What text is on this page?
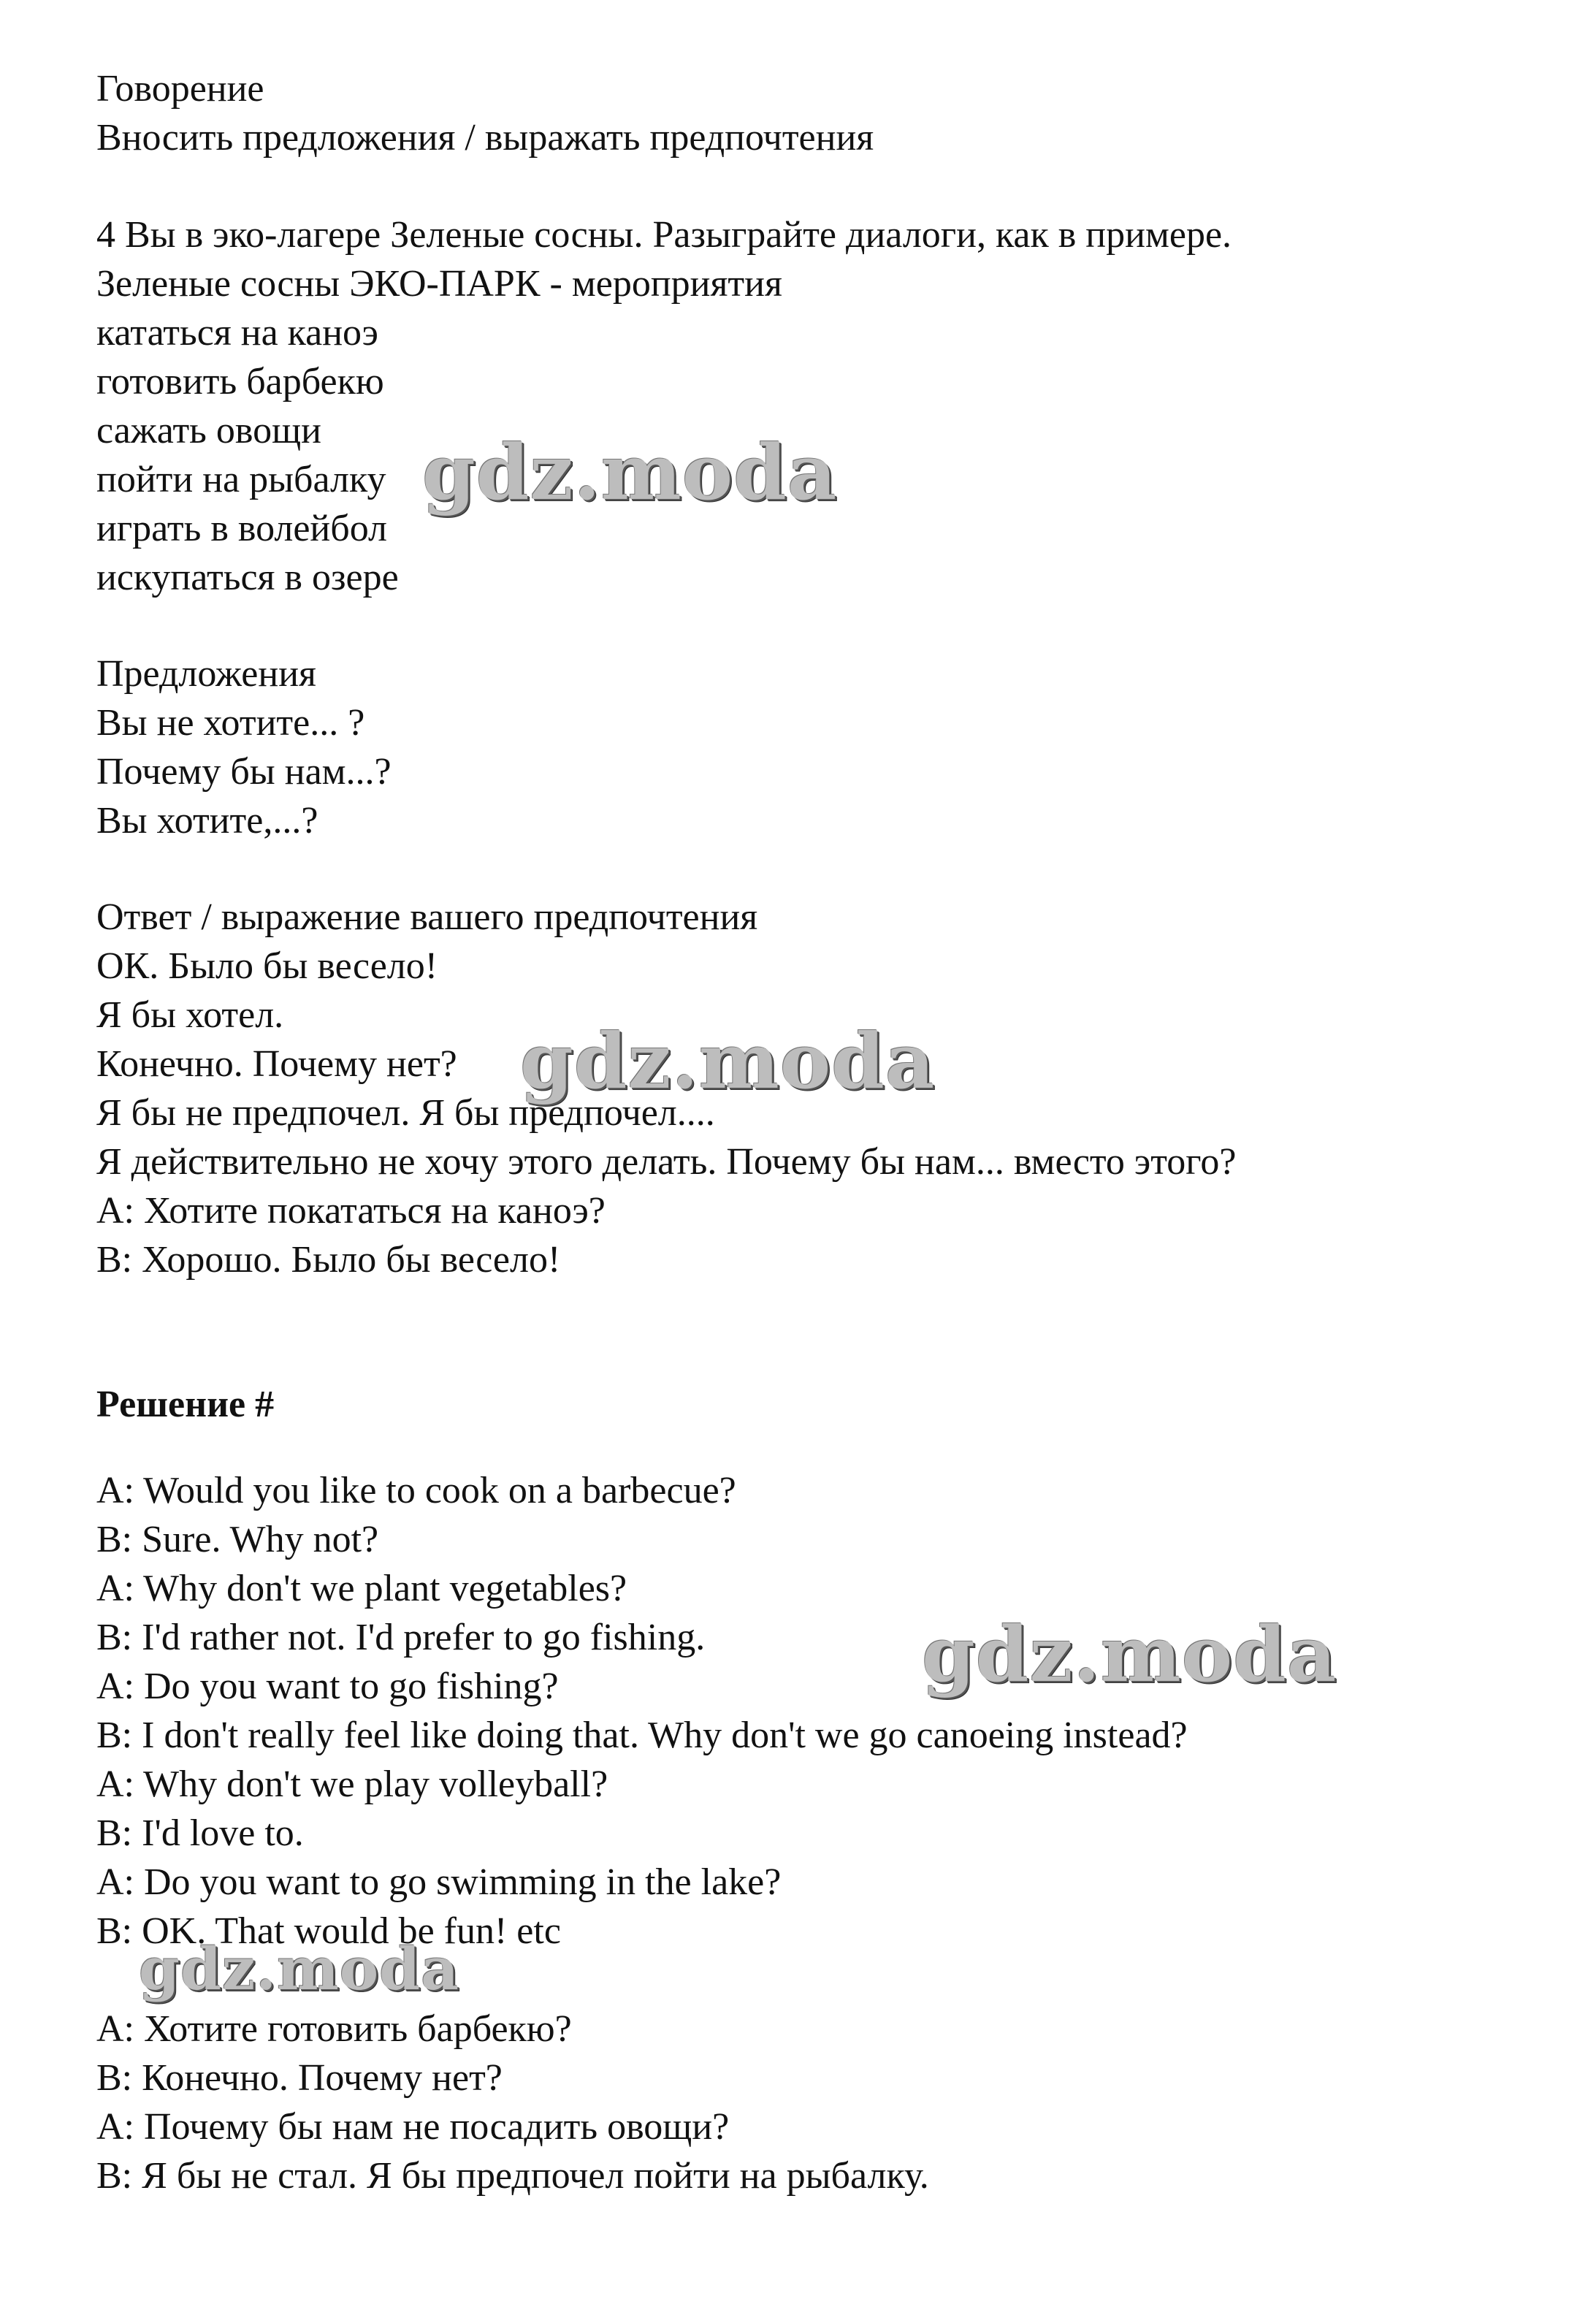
Говорение
Вносить предложения / выражать предпочтения
4 Вы в эко-лагере Зеленые сосны. Разыграйте диалоги, как в примере.
Зеленые сосны ЭКО-ПАРК - мероприятия
кататься на каноэ
готовить барбекю
сажать овощи
пойти на рыбалку
играть в волейбол
искупаться в озере
Предложения
Вы не хотите... ?
Почему бы нам...?
Вы хотите,...?
Ответ / выражение вашего предпочтения
ОК. Было бы весело!
Я бы хотел.
Конечно. Почему нет?
Я бы не предпочел. Я бы предпочел....
Я действительно не хочу этого делать. Почему бы нам... вместо этого?
А: Хотите покататься на каноэ?
В: Хорошо. Было бы весело!
Решение #
A: Would you like to cook on a barbecue?
B: Sure. Why not?
A: Why don't we plant vegetables?
B: I'd rather not. I'd prefer to go fishing.
A: Do you want to go fishing?
B: I don't really feel like doing that. Why don't we go canoeing instead?
A: Why don't we play volleyball?
B: I'd love to.
A: Do you want to go swimming in the lake?
B: OK. That would be fun! etc
А: Хотите готовить барбекю?
В: Конечно. Почему нет?
А: Почему бы нам не посадить овощи?
В: Я бы не стал. Я бы предпочел пойти на рыбалку.
gdz.moda
gdz.moda
gdz.moda
gdz.moda
